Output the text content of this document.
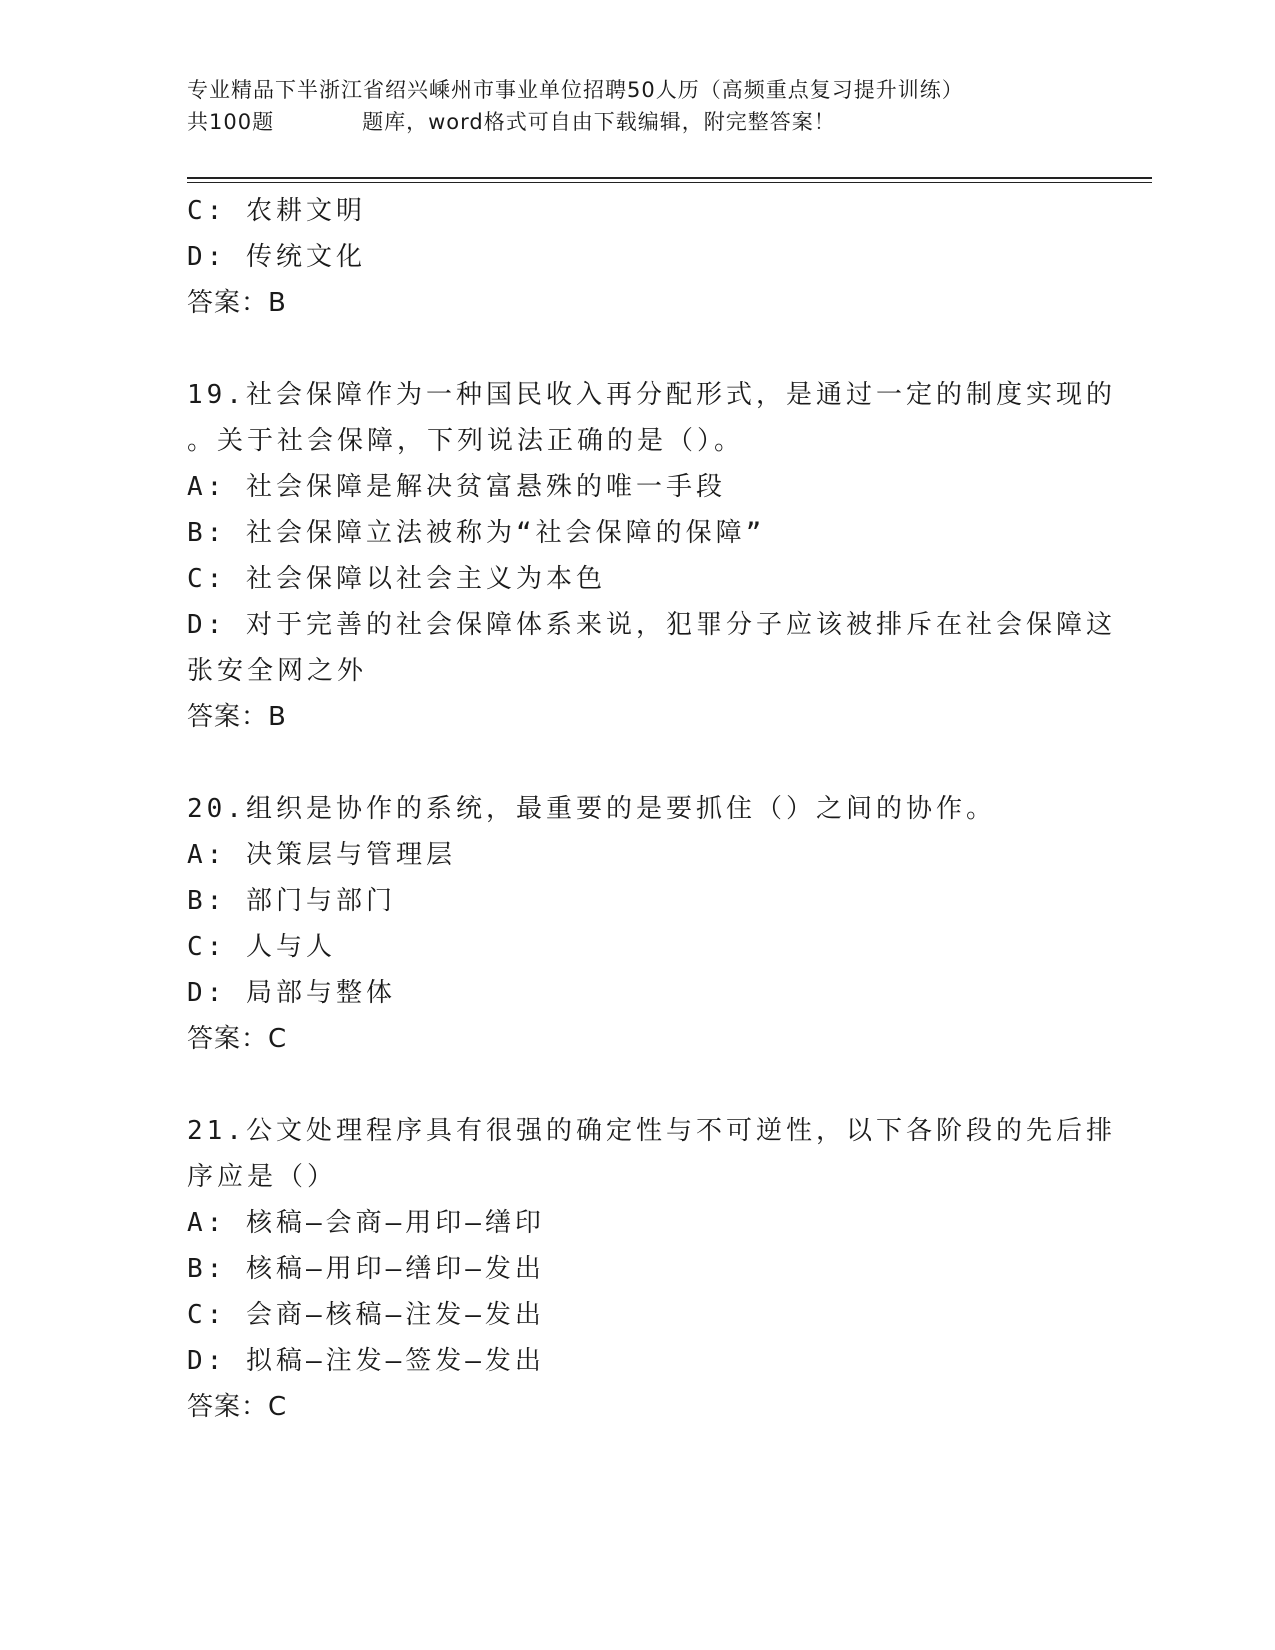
专业精品下半浙江省绍兴嵊州市事业单位招聘50人历（高频重点复习提升训练）
共100题	题库，word格式可自由下载编辑，附完整答案！
C: 农耕文明
D: 传统文化
答案：B
19.社会保障作为一种国民收入再分配形式，是通过一定的制度实现的
。关于社会保障，下列说法正确的是（）。
A: 社会保障是解决贫富悬殊的唯一手段
B: 社会保障立法被称为“社会保障的保障”
C: 社会保障以社会主义为本色
D: 对于完善的社会保障体系来说，犯罪分子应该被排斥在社会保障这
张安全网之外
答案：B
20.组织是协作的系统，最重要的是要抓住（）之间的协作。
A: 决策层与管理层
B: 部门与部门
C: 人与人
D: 局部与整体
答案：C
21.公文处理程序具有很强的确定性与不可逆性，以下各阶段的先后排
序应是（）
A: 核稿—会商—用印—缮印
B: 核稿—用印—缮印—发出
C: 会商—核稿—注发—发出
D: 拟稿—注发—签发—发出
答案：C
